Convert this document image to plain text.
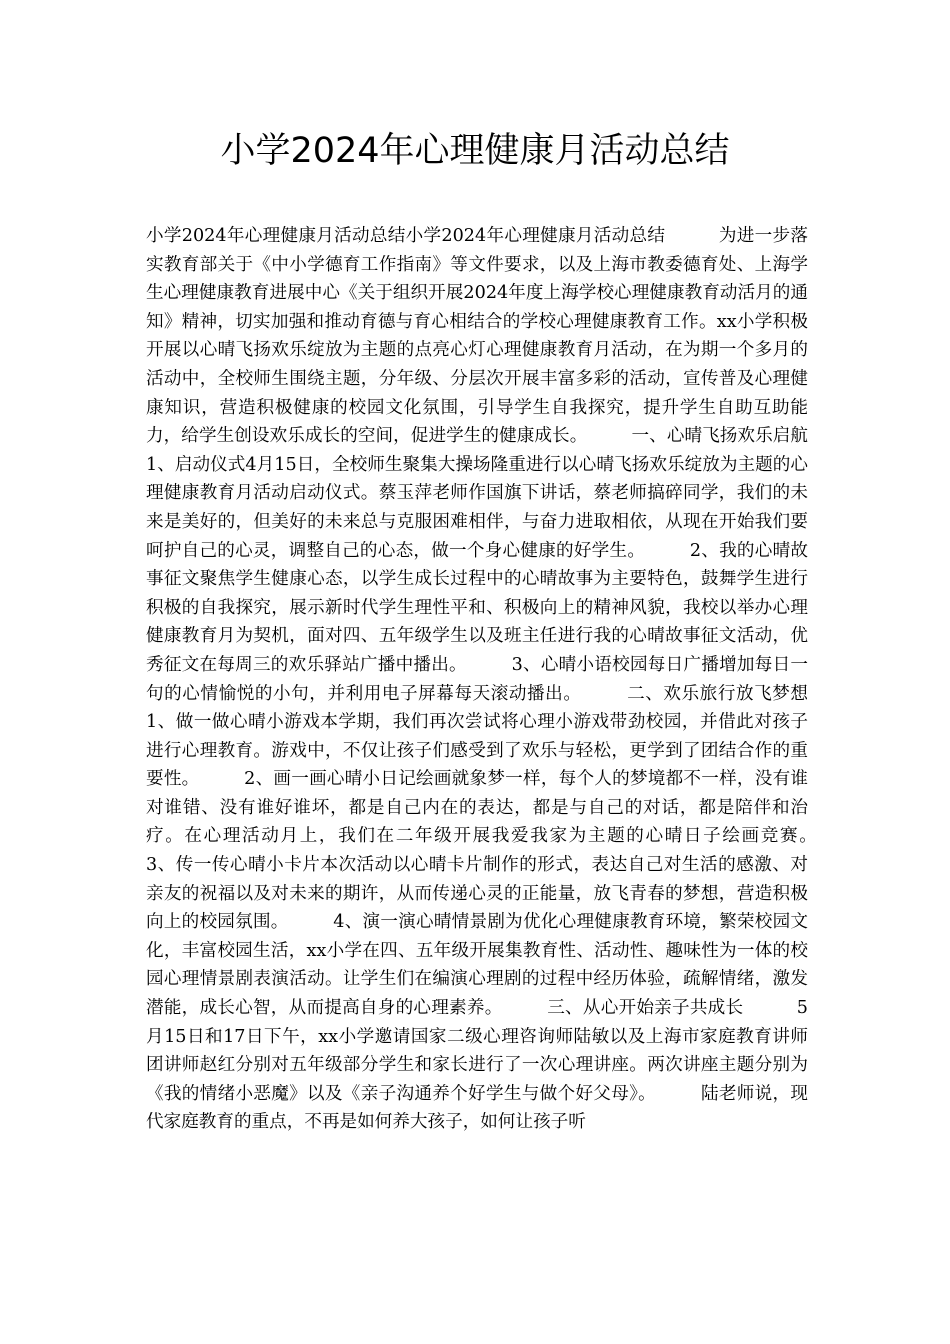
小学2024年心理健康月活动总结
小学2024年心理健康月活动总结小学2024年心理健康月活动总结　　　为进一步落实教育部关于《中小学德育工作指南》等文件要求，以及上海市教委德育处、上海学生心理健康教育进展中心《关于组织开展2024年度上海学校心理健康教育动活月的通知》精神，切实加强和推动育德与育心相结合的学校心理健康教育工作。xx小学积极开展以心晴飞扬欢乐绽放为主题的点亮心灯心理健康教育月活动，在为期一个多月的活动中，全校师生围绕主题，分年级、分层次开展丰富多彩的活动，宣传普及心理健康知识，营造积极健康的校园文化氛围，引导学生自我探究，提升学生自助互助能力，给学生创设欢乐成长的空间，促进学生的健康成长。　　　一、心晴飞扬欢乐启航　　　1、启动仪式4月15日，全校师生聚集大操场隆重进行以心晴飞扬欢乐绽放为主题的心理健康教育月活动启动仪式。蔡玉萍老师作国旗下讲话，蔡老师搞碎同学，我们的未来是美好的，但美好的未来总与克服困难相伴，与奋力进取相依，从现在开始我们要呵护自己的心灵，调整自己的心态，做一个身心健康的好学生。　　　2、我的心晴故事征文聚焦学生健康心态，以学生成长过程中的心晴故事为主要特色，鼓舞学生进行积极的自我探究，展示新时代学生理性平和、积极向上的精神风貌，我校以举办心理健康教育月为契机，面对四、五年级学生以及班主任进行我的心晴故事征文活动，优秀征文在每周三的欢乐驿站广播中播出。　　　3、心晴小语校园每日广播增加每日一句的心情愉悦的小句，并利用电子屏幕每天滚动播出。　　　二、欢乐旅行放飞梦想　　　1、做一做心晴小游戏本学期，我们再次尝试将心理小游戏带劲校园，并借此对孩子进行心理教育。游戏中，不仅让孩子们感受到了欢乐与轻松，更学到了团结合作的重要性。　　　2、画一画心晴小日记绘画就象梦一样，每个人的梦境都不一样，没有谁对谁错、没有谁好谁坏，都是自己内在的表达，都是与自己的对话，都是陪伴和治疗。在心理活动月上，我们在二年级开展我爱我家为主题的心晴日子绘画竞赛。　　　3、传一传心晴小卡片本次活动以心晴卡片制作的形式，表达自己对生活的感激、对亲友的祝福以及对未来的期许，从而传递心灵的正能量，放飞青春的梦想，营造积极向上的校园氛围。　　　4、演一演心晴情景剧为优化心理健康教育环境，繁荣校园文化，丰富校园生活，xx小学在四、五年级开展集教育性、活动性、趣味性为一体的校园心理情景剧表演活动。让学生们在编演心理剧的过程中经历体验，疏解情绪，激发潜能，成长心智，从而提高自身的心理素养。　　　三、从心开始亲子共成长　　　5月15日和17日下午，xx小学邀请国家二级心理咨询师陆敏以及上海市家庭教育讲师团讲师赵红分别对五年级部分学生和家长进行了一次心理讲座。两次讲座主题分别为《我的情绪小恶魔》以及《亲子沟通养个好学生与做个好父母》。　　　陆老师说，现代家庭教育的重点，不再是如何养大孩子，如何让孩子听
